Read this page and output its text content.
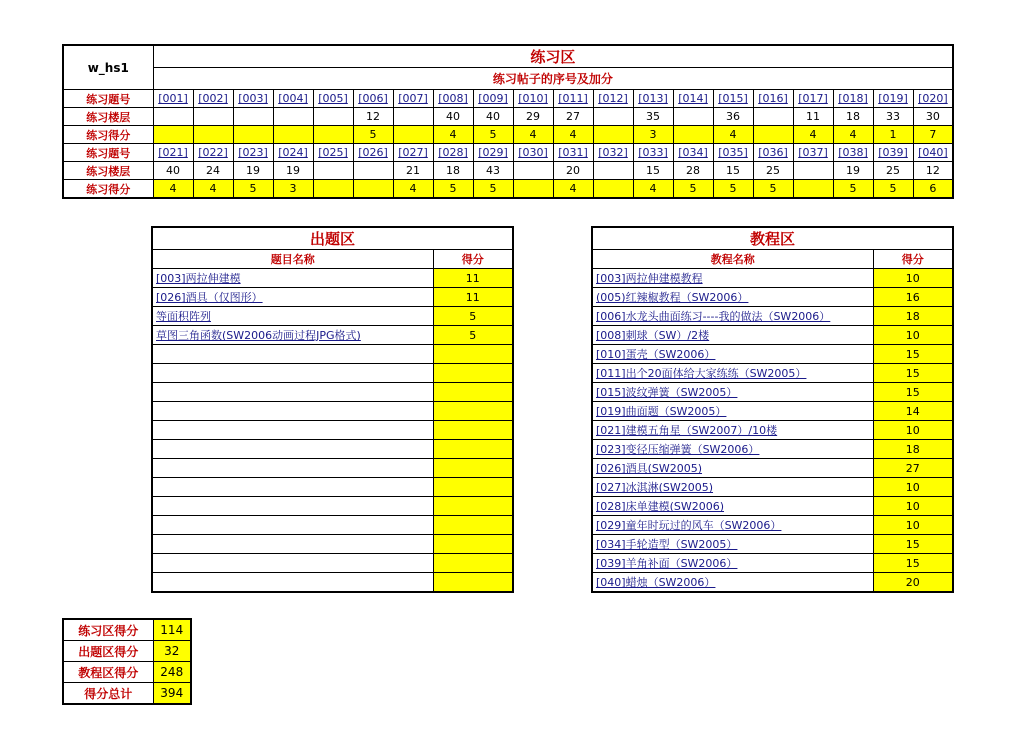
w_hs1	练习区																			
	练习帖子的序号及加分																			
练习题号	[001]	[002]	[003]	[004]	[005]	[006]	[007]	[008]	[009]	[010]	[011]	[012]	[013]	[014]	[015]	[016]	[017]	[018]	[019]	[020]
练习楼层						12		40	40	29	27		35		36		11	18	33	30
练习得分						5		4	5	4	4		3		4		4	4	1	7
练习题号	[021]	[022]	[023]	[024]	[025]	[026]	[027]	[028]	[029]	[030]	[031]	[032]	[033]	[034]	[035]	[036]	[037]	[038]	[039]	[040]
练习楼层	40	24	19	19			21	18	43		20		15	28	15	25		19	25	12
练习得分	4	4	5	3			4	5	5		4		4	5	5	5		5	5	6
出题区	
题目名称	得分
[003]两拉伸建模	11
[026]酒具（仅图形）	11
等面积阵列	5
草图三角函数(SW2006动画过程JPG格式)	5

教程区	
教程名称	得分
[003]两拉伸建模教程	10
(005)红辣椒教程（SW2006）	16
[006]水龙头曲面练习----我的做法（SW2006）	18
[008]刺球（SW）/2楼	10
[010]蛋壳（SW2006）	15
[011]出个20面体给大家练练（SW2005）	15
[015]波纹弹簧（SW2005）	15
[019]曲面题（SW2005）	14
[021]建模五角星（SW2007）/10楼	10
[023]变径压缩弹簧（SW2006）	18
[026]酒具(SW2005)	27
[027]冰淇淋(SW2005)	10
[028]床单建模(SW2006)	10
[029]童年时玩过的风车（SW2006）	10
[034]手轮造型（SW2005）	15
[039]羊角补面（SW2006）	15
[040]蜡烛（SW2006）	20
练习区得分	114
出题区得分	32
教程区得分	248
得分总计	394
